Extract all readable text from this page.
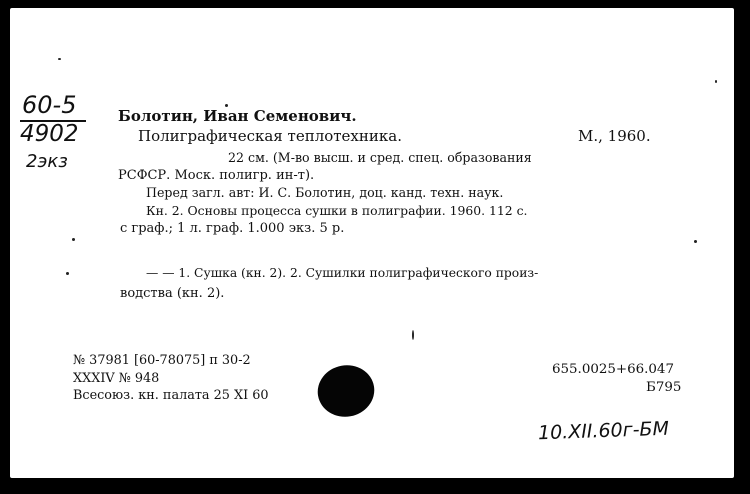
60-5
4902
2экз
Болотин, Иван Семенович.
Полиграфическая теплотехника.	М., 1960.
22 см. (М-во высш. и сред. спец. образования
РСФСР. Моск. полигр. ин-т).
Перед загл. авт: И. С. Болотин, доц. канд. техн. наук.
Кн. 2. Основы процесса сушки в полиграфии. 1960. 112 с.
с граф.; 1 л. граф. 1.000 экз. 5 р.
— — 1. Сушка (кн. 2). 2. Сушилки полиграфического произ-
водства (кн. 2).
№ 37981 [60-78075] п 30-2
XXXIV № 948
Всесоюз. кн. палата 25 XI 60
655.0025+66.047
Б795
10.XII.60г-БМ
